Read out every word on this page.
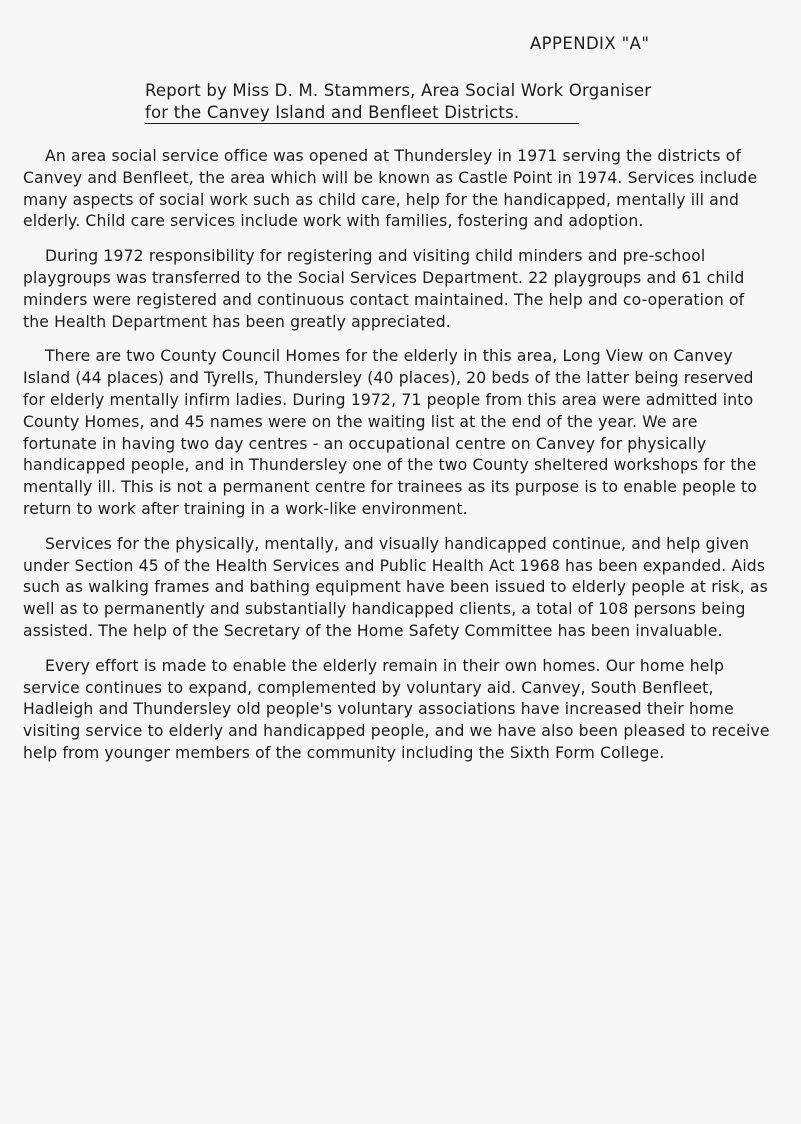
APPENDIX "A"
Report by Miss D. M. Stammers, Area Social Work Organiser
for the Canvey Island and Benfleet Districts.

An area social service office was opened at Thundersley in 1971 serving the districts of Canvey and Benfleet, the area which will be known as Castle Point in 1974. Services include many aspects of social work such as child care, help for the handicapped, mentally ill and elderly. Child care services include work with families, fostering and adoption.

During 1972 responsibility for registering and visiting child minders and pre-school playgroups was transferred to the Social Services Department. 22 playgroups and 61 child minders were registered and continuous contact maintained. The help and co-operation of the Health Department has been greatly appreciated.

There are two County Council Homes for the elderly in this area, Long View on Canvey Island (44 places) and Tyrells, Thundersley (40 places), 20 beds of the latter being reserved for elderly mentally infirm ladies. During 1972, 71 people from this area were admitted into County Homes, and 45 names were on the waiting list at the end of the year. We are fortunate in having two day centres - an occupational centre on Canvey for physically handicapped people, and in Thundersley one of the two County sheltered workshops for the mentally ill. This is not a permanent centre for trainees as its purpose is to enable people to return to work after training in a work-like environment.

Services for the physically, mentally, and visually handicapped continue, and help given under Section 45 of the Health Services and Public Health Act 1968 has been expanded. Aids such as walking frames and bathing equipment have been issued to elderly people at risk, as well as to permanently and substantially handicapped clients, a total of 108 persons being assisted. The help of the Secretary of the Home Safety Committee has been invaluable.

Every effort is made to enable the elderly remain in their own homes. Our home help service continues to expand, complemented by voluntary aid. Canvey, South Benfleet, Hadleigh and Thundersley old people's voluntary associations have increased their home visiting service to elderly and handicapped people, and we have also been pleased to receive help from younger members of the community including the Sixth Form College.
